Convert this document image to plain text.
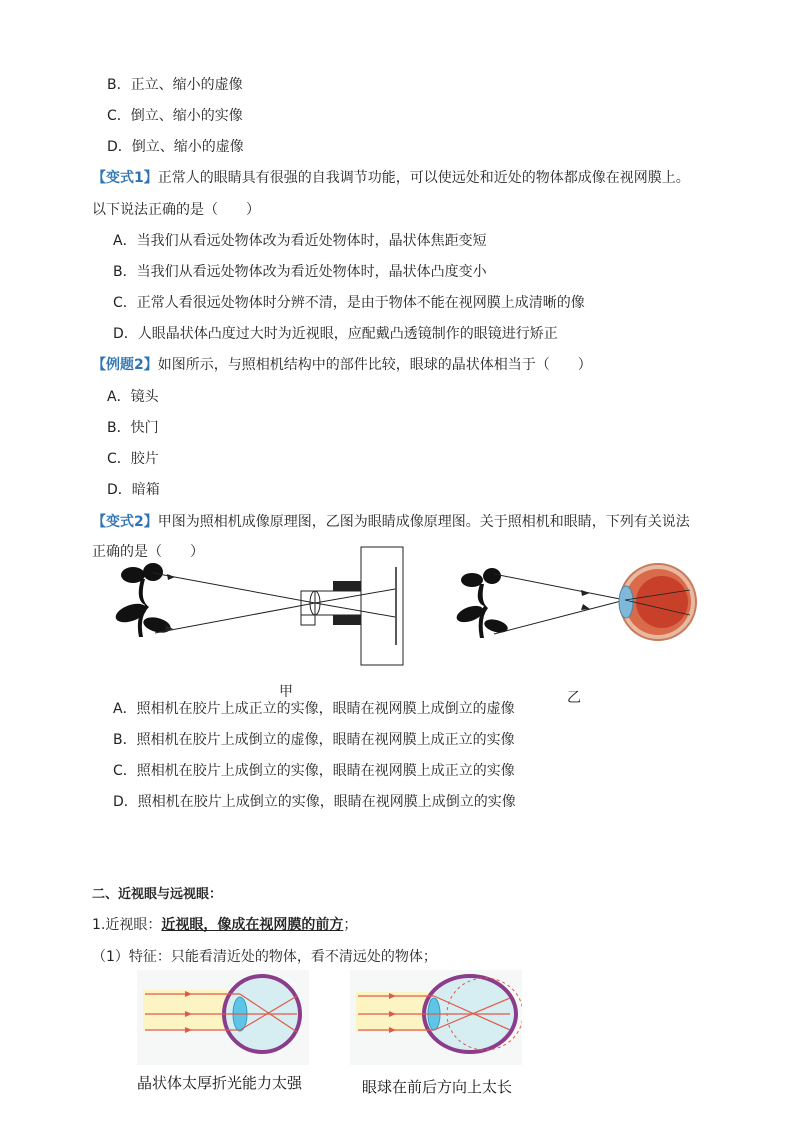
B．正立、缩小的虚像
C．倒立、缩小的实像
D．倒立、缩小的虚像
【变式1】正常人的眼睛具有很强的自我调节功能，可以使远处和近处的物体都成像在视网膜上。
以下说法正确的是（　　）
A．当我们从看远处物体改为看近处物体时，晶状体焦距变短
B．当我们从看远处物体改为看近处物体时，晶状体凸度变小
C．正常人看很远处物体时分辨不清，是由于物体不能在视网膜上成清晰的像
D．人眼晶状体凸度过大时为近视眼，应配戴凸透镜制作的眼镜进行矫正
【例题2】如图所示，与照相机结构中的部件比较，眼球的晶状体相当于（　　）
A．镜头
B．快门
C．胶片
D．暗箱
【变式2】甲图为照相机成像原理图，乙图为眼睛成像原理图。关于照相机和眼睛，下列有关说法
正确的是（　　）
甲	乙
A．照相机在胶片上成正立的实像，眼睛在视网膜上成倒立的虚像
B．照相机在胶片上成倒立的虚像，眼睛在视网膜上成正立的实像
C．照相机在胶片上成倒立的实像，眼睛在视网膜上成正立的实像
D．照相机在胶片上成倒立的实像，眼睛在视网膜上成倒立的实像
二、近视眼与远视眼：
1.近视眼：近视眼，像成在视网膜的前方；
（1）特征：只能看清近处的物体，看不清远处的物体；
晶状体太厚折光能力太强	眼球在前后方向上太长
